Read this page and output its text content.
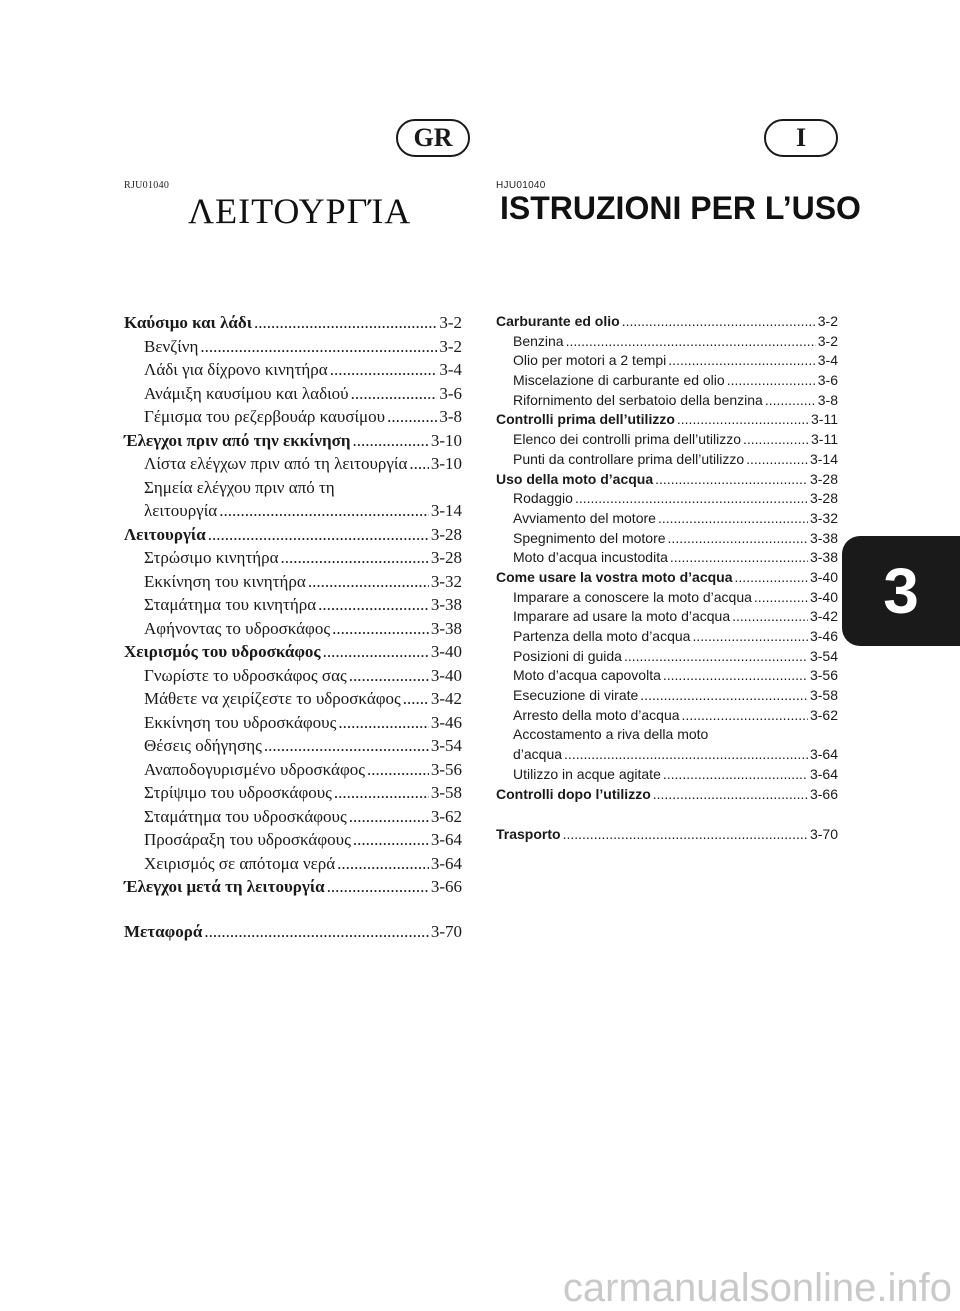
GR	I
RJU01040	HJU01040
ΛΕΙΤΟΥΡΓΊΑ	ISTRUZIONI PER L’USO
Καύσιμο και λάδι .....	3-2
Βενζίνη .....	3-2
Λάδι για δίχρονο κινητήρα .....	3-4
Ανάμιξη καυσίμου και λαδιού .....	3-6
Γέμισμα του ρεζερβουάρ καυσίμου .....	3-8
Έλεγχοι πριν από την εκκίνηση .....	3-10
Λίστα ελέγχων πριν από τη λειτουργία ..... 3-10
Σημεία ελέγχου πριν από τη
λειτουργία .....	3-14
Λειτουργία .....	3-28
Στρώσιμο κινητήρα .....	3-28
Εκκίνηση του κινητήρα .....	3-32
Σταμάτημα του κινητήρα .....	3-38
Αφήνοντας το υδροσκάφος .....	3-38
Χειρισμός του υδροσκάφος .....	3-40
Γνωρίστε το υδροσκάφος σας .....	3-40
Μάθετε να χειρίζεστε το υδροσκάφος ..... 3-42
Εκκίνηση του υδροσκάφους .....	3-46
Θέσεις οδήγησης .....	3-54
Αναποδογυρισμένο υδροσκάφος .....	3-56
Στρίψιμο του υδροσκάφους .....	3-58
Σταμάτημα του υδροσκάφους .....	3-62
Προσάραξη του υδροσκάφους .....	3-64
Χειρισμός σε απότομα νερά .....	3-64
Έλεγχοι μετά τη λειτουργία .....	3-66
Μεταφορά .....	3-70
Carburante ed olio .....	3-2
Benzina .....	3-2
Olio per motori a 2 tempi .....	3-4
Miscelazione di carburante ed olio .....	3-6
Rifornimento del serbatoio della benzina .....	3-8
Controlli prima dell’utilizzo .....	3-11
Elenco dei controlli prima dell’utilizzo .....	3-11
Punti da controllare prima dell’utilizzo .....	3-14
Uso della moto d’acqua .....	3-28
Rodaggio .....	3-28
Avviamento del motore .....	3-32
Spegnimento del motore .....	3-38
Moto d’acqua incustodita .....	3-38
Come usare la vostra moto d’acqua .....	3-40
Imparare a conoscere la moto d’acqua .....	3-40
Imparare ad usare la moto d’acqua .....	3-42
Partenza della moto d’acqua .....	3-46
Posizioni di guida .....	3-54
Moto d’acqua capovolta .....	3-56
Esecuzione di virate .....	3-58
Arresto della moto d’acqua .....	3-62
Accostamento a riva della moto
d’acqua .....	3-64
Utilizzo in acque agitate .....	3-64
Controlli dopo l’utilizzo .....	3-66
Trasporto .....	3-70
3
carmanualsonline.info
